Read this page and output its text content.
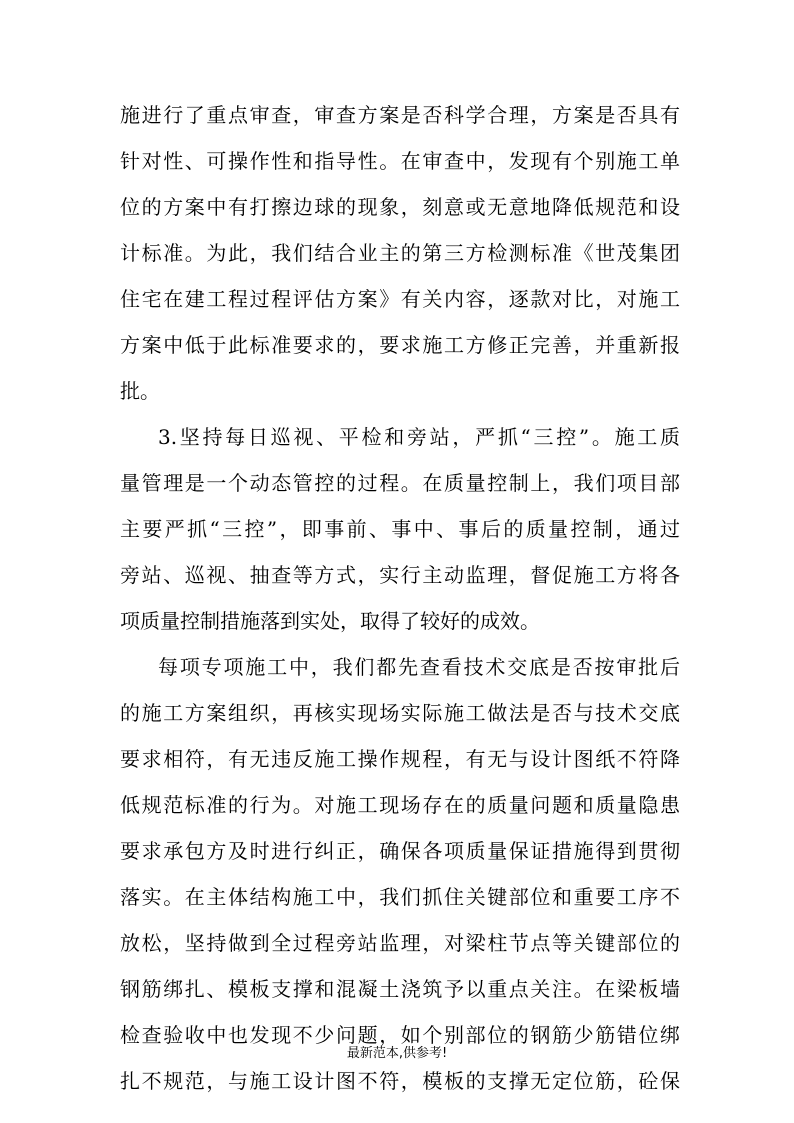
施进行了重点审查，审查方案是否科学合理，方案是否具有
针对性、可操作性和指导性。在审查中，发现有个别施工单
位的方案中有打擦边球的现象，刻意或无意地降低规范和设
计标准。为此，我们结合业主的第三方检测标准《世茂集团
住宅在建工程过程评估方案》有关内容，逐款对比，对施工
方案中低于此标准要求的，要求施工方修正完善，并重新报
批。
3.坚持每日巡视、平检和旁站，严抓“三控”。施工质
量管理是一个动态管控的过程。在质量控制上，我们项目部
主要严抓“三控”，即事前、事中、事后的质量控制，通过
旁站、巡视、抽查等方式，实行主动监理，督促施工方将各
项质量控制措施落到实处，取得了较好的成效。
每项专项施工中，我们都先查看技术交底是否按审批后
的施工方案组织，再核实现场实际施工做法是否与技术交底
要求相符，有无违反施工操作规程，有无与设计图纸不符降
低规范标准的行为。对施工现场存在的质量问题和质量隐患
要求承包方及时进行纠正，确保各项质量保证措施得到贯彻
落实。在主体结构施工中，我们抓住关键部位和重要工序不
放松，坚持做到全过程旁站监理，对梁柱节点等关键部位的
钢筋绑扎、模板支撑和混凝土浇筑予以重点关注。在梁板墙
检查验收中也发现不少问题，如个别部位的钢筋少筋错位绑
扎不规范，与施工设计图不符，模板的支撑无定位筋，砼保
最新范本,供参考!
